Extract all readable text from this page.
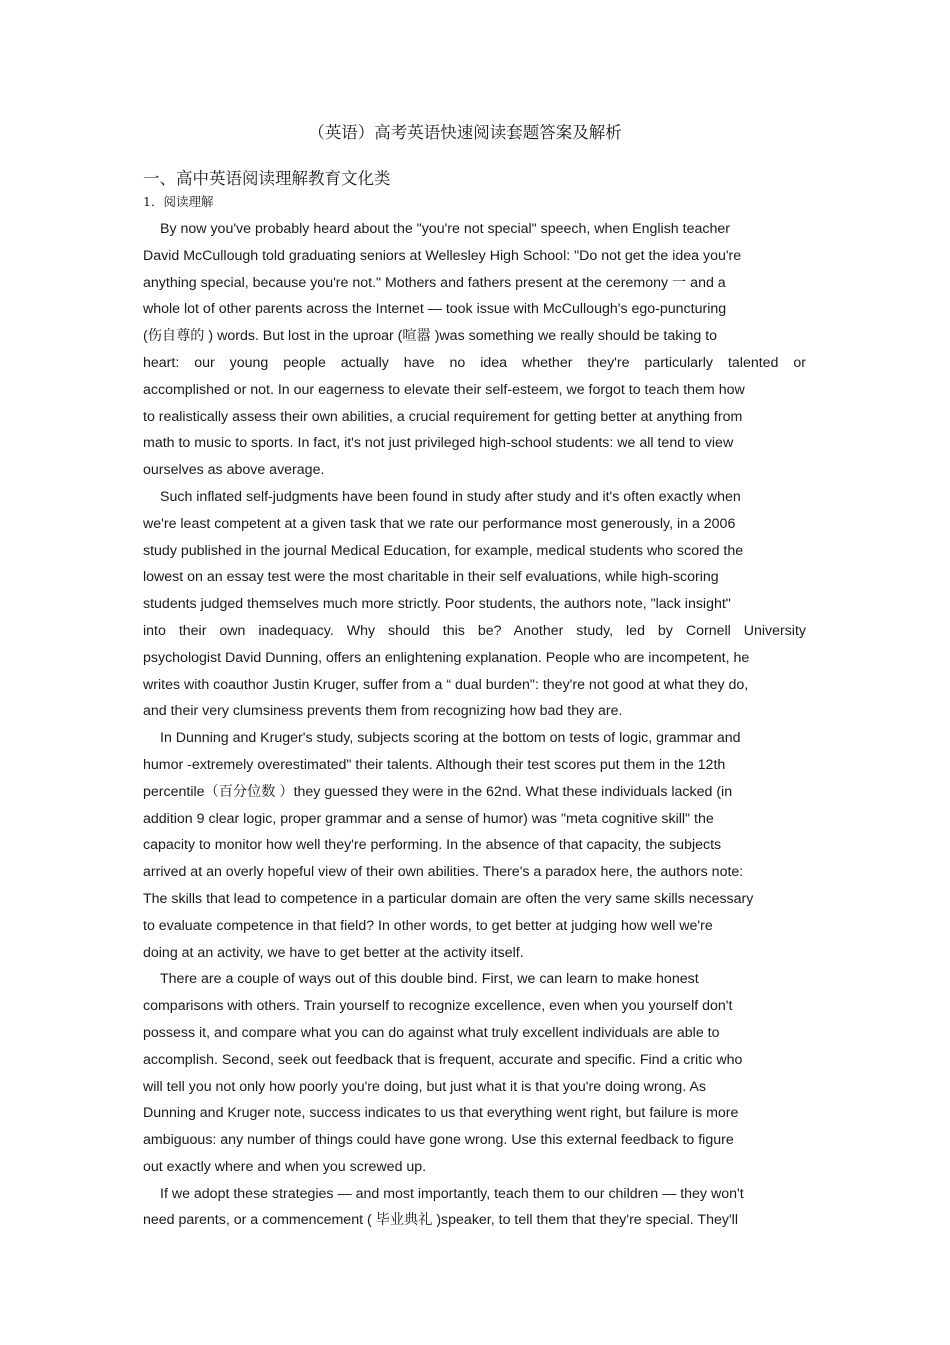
（英语）高考英语快速阅读套题答案及解析
一、高中英语阅读理解教育文化类
1．阅读理解
By now you've probably heard about the "you're not special" speech, when English teacher
David McCullough told graduating seniors at Wellesley High School: "Do not get the idea you're
anything special, because you're not." Mothers and fathers present at the ceremony 一 and a
whole lot of other parents across the Internet — took issue with McCullough's ego-puncturing
(伤自尊的 ) words. But lost in the uproar (喧嚣 )was something we really should be taking to
heart: our young people actually have no idea whether they're particularly talented or
accomplished or not. In our eagerness to elevate their self-esteem, we forgot to teach them how
to realistically assess their own abilities, a crucial requirement for getting better at anything from
math to music to sports. In fact, it's not just privileged high-school students: we all tend to view
ourselves as above average.
Such inflated self-judgments have been found in study after study and it's often exactly when
we're least competent at a given task that we rate our performance most generously, in a 2006
study published in the journal Medical Education, for example, medical students who scored the
lowest on an essay test were the most charitable in their self evaluations, while high-scoring
students judged themselves much more strictly. Poor students, the authors note, "lack insight"
into their own inadequacy. Why should this be? Another study, led by Cornell University
psychologist David Dunning, offers an enlightening explanation. People who are incompetent, he
writes with coauthor Justin Kruger, suffer from a “ dual burden": they're not good at what they do,
and their very clumsiness prevents them from recognizing how bad they are.
In Dunning and Kruger's study, subjects scoring at the bottom on tests of logic, grammar and
humor -extremely overestimated" their talents. Although their test scores put them in the 12th
percentile（百分位数 ）they guessed they were in the 62nd. What these individuals lacked (in
addition 9 clear logic, proper grammar and a sense of humor) was "meta cognitive skill" the
capacity to monitor how well they're performing. In the absence of that capacity, the subjects
arrived at an overly hopeful view of their own abilities. There's a paradox here, the authors note:
The skills that lead to competence in a particular domain are often the very same skills necessary
to evaluate competence in that field? In other words, to get better at judging how well we're
doing at an activity, we have to get better at the activity itself.
There are a couple of ways out of this double bind. First, we can learn to make honest
comparisons with others. Train yourself to recognize excellence, even when you yourself don't
possess it, and compare what you can do against what truly excellent individuals are able to
accomplish. Second, seek out feedback that is frequent, accurate and specific. Find a critic who
will tell you not only how poorly you're doing, but just what it is that you're doing wrong. As
Dunning and Kruger note, success indicates to us that everything went right, but failure is more
ambiguous: any number of things could have gone wrong. Use this external feedback to figure
out exactly where and when you screwed up.
If we adopt these strategies — and most importantly, teach them to our children — they won't
need parents, or a commencement ( 毕业典礼 )speaker, to tell them that they're special. They'll
